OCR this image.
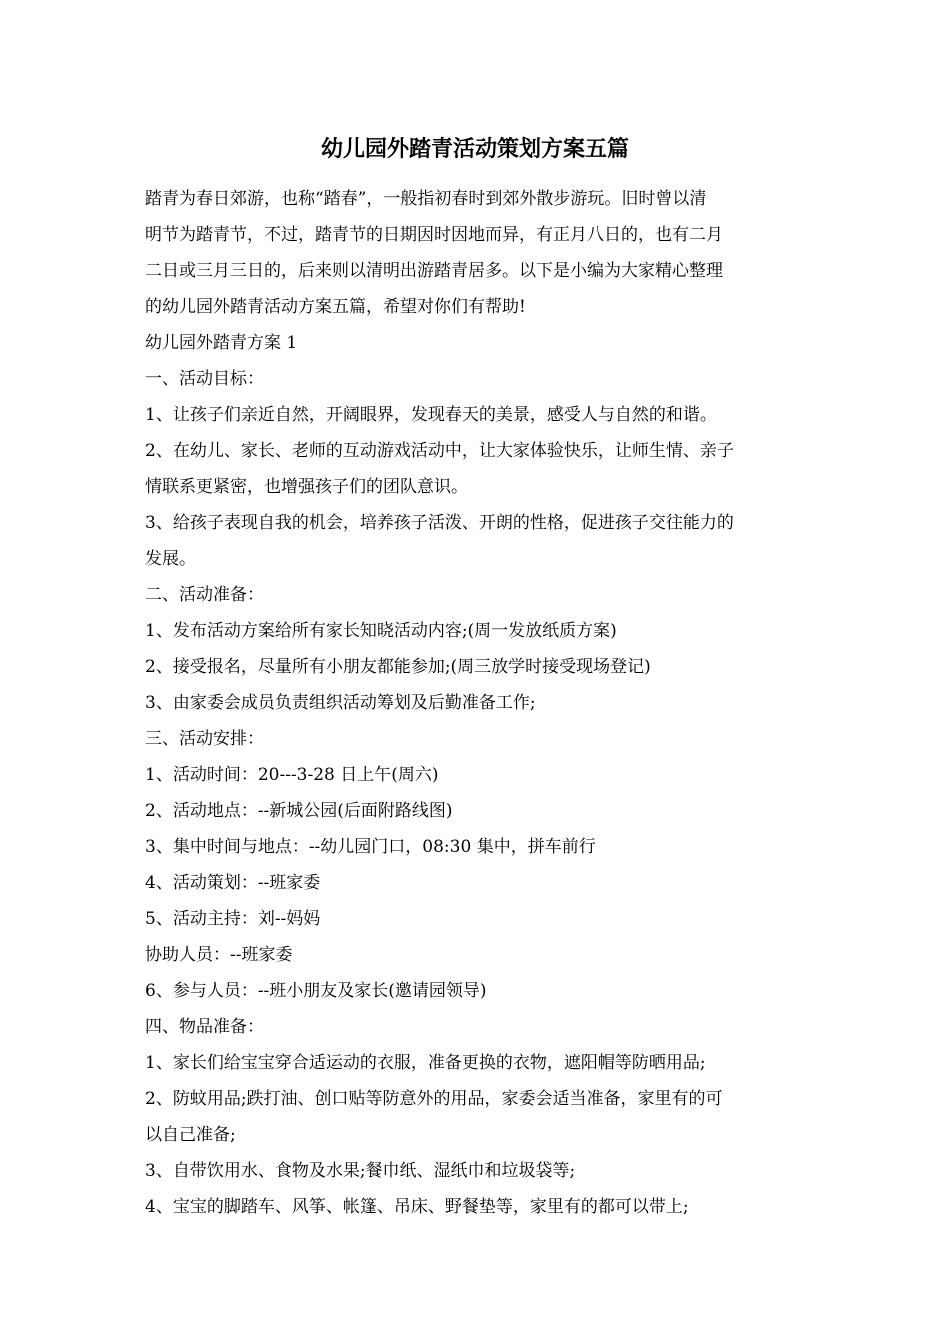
幼儿园外踏青活动策划方案五篇

踏青为春日郊游，也称“踏春”，一般指初春时到郊外散步游玩。旧时曾以清

明节为踏青节，不过，踏青节的日期因时因地而异，有正月八日的，也有二月

二日或三月三日的，后来则以清明出游踏青居多。以下是小编为大家精心整理

的幼儿园外踏青活动方案五篇，希望对你们有帮助!

幼儿园外踏青方案 1

一、活动目标：

1、让孩子们亲近自然，开阔眼界，发现春天的美景，感受人与自然的和谐。

2、在幼儿、家长、老师的互动游戏活动中，让大家体验快乐，让师生情、亲子

情联系更紧密，也增强孩子们的团队意识。

3、给孩子表现自我的机会，培养孩子活泼、开朗的性格，促进孩子交往能力的

发展。

二、活动准备：

1、发布活动方案给所有家长知晓活动内容;(周一发放纸质方案)

2、接受报名，尽量所有小朋友都能参加;(周三放学时接受现场登记)

3、由家委会成员负责组织活动筹划及后勤准备工作;

三、活动安排：

1、活动时间：20---3-28 日上午(周六)

2、活动地点：--新城公园(后面附路线图)

3、集中时间与地点：--幼儿园门口，08:30 集中，拼车前行

4、活动策划：--班家委

5、活动主持：刘--妈妈

协助人员：--班家委

6、参与人员：--班小朋友及家长(邀请园领导)

四、物品准备：

1、家长们给宝宝穿合适运动的衣服，准备更换的衣物，遮阳帽等防晒用品;

2、防蚊用品;跌打油、创口贴等防意外的用品，家委会适当准备，家里有的可

以自己准备;

3、自带饮用水、食物及水果;餐巾纸、湿纸巾和垃圾袋等;

4、宝宝的脚踏车、风筝、帐篷、吊床、野餐垫等，家里有的都可以带上;
